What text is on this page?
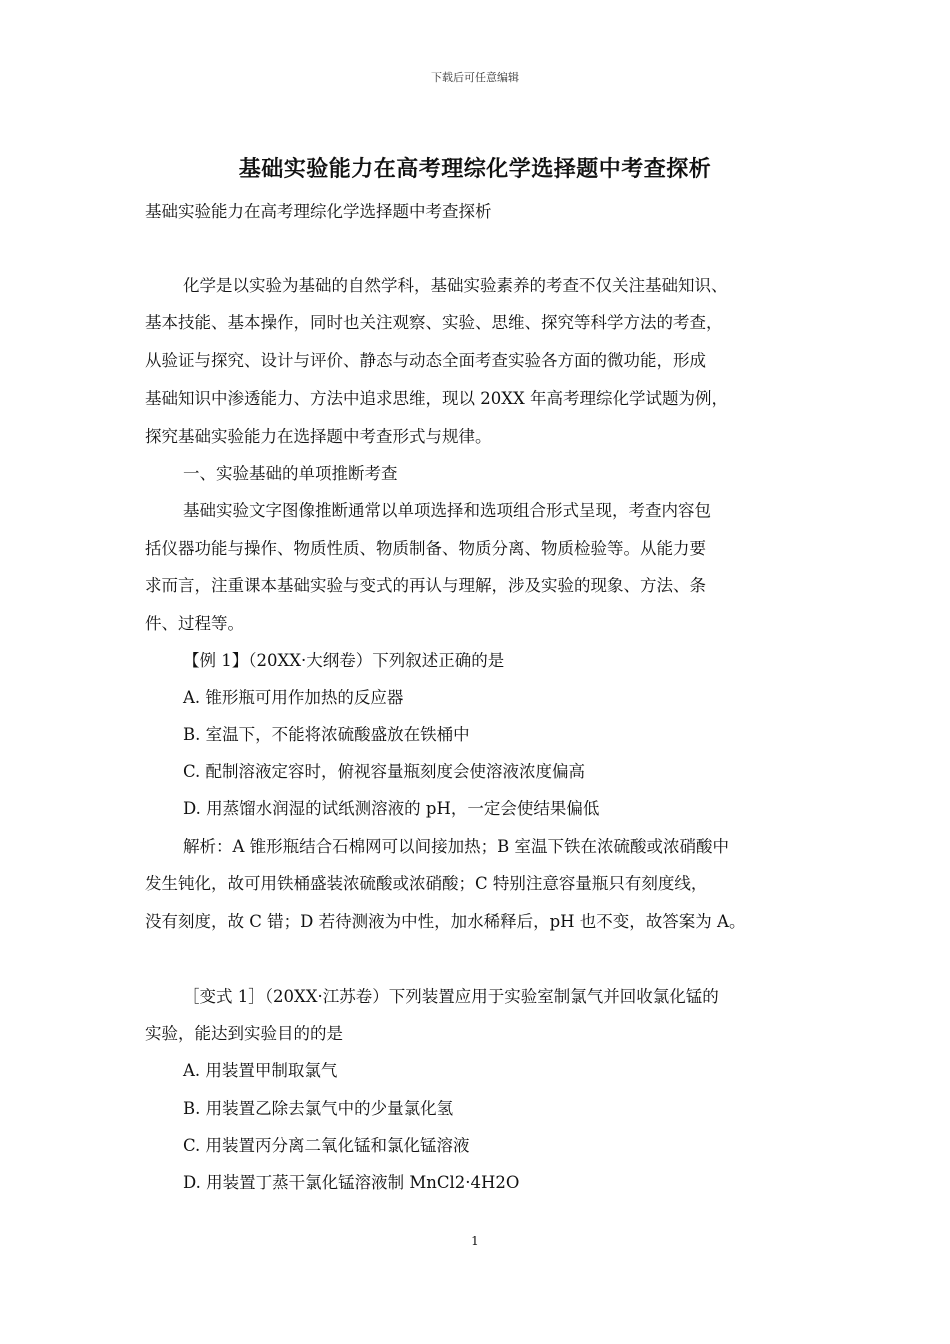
下载后可任意编辑
基础实验能力在高考理综化学选择题中考查探析
基础实验能力在高考理综化学选择题中考查探析
化学是以实验为基础的自然学科，基础实验素养的考查不仅关注基础知识、
基本技能、基本操作，同时也关注观察、实验、思维、探究等科学方法的考查，
从验证与探究、设计与评价、静态与动态全面考查实验各方面的微功能，形成
基础知识中渗透能力、方法中追求思维，现以 20XX 年高考理综化学试题为例，
探究基础实验能力在选择题中考查形式与规律。
一、实验基础的单项推断考查
基础实验文字图像推断通常以单项选择和选项组合形式呈现，考查内容包
括仪器功能与操作、物质性质、物质制备、物质分离、物质检验等。从能力要
求而言，注重课本基础实验与变式的再认与理解，涉及实验的现象、方法、条
件、过程等。
【例 1】（20XX·大纲卷）下列叙述正确的是
A. 锥形瓶可用作加热的反应器
B. 室温下，不能将浓硫酸盛放在铁桶中
C. 配制溶液定容时，俯视容量瓶刻度会使溶液浓度偏高
D. 用蒸馏水润湿的试纸测溶液的 pH，一定会使结果偏低
解析：A 锥形瓶结合石棉网可以间接加热；B 室温下铁在浓硫酸或浓硝酸中
发生钝化，故可用铁桶盛装浓硫酸或浓硝酸；C 特别注意容量瓶只有刻度线，
没有刻度，故 C 错；D 若待测液为中性，加水稀释后，pH 也不变，故答案为 A。
［变式 1］（20XX·江苏卷）下列装置应用于实验室制氯气并回收氯化锰的
实验，能达到实验目的的是
A. 用装置甲制取氯气
B. 用装置乙除去氯气中的少量氯化氢
C. 用装置丙分离二氧化锰和氯化锰溶液
D. 用装置丁蒸干氯化锰溶液制 MnCl2·4H2O
1
